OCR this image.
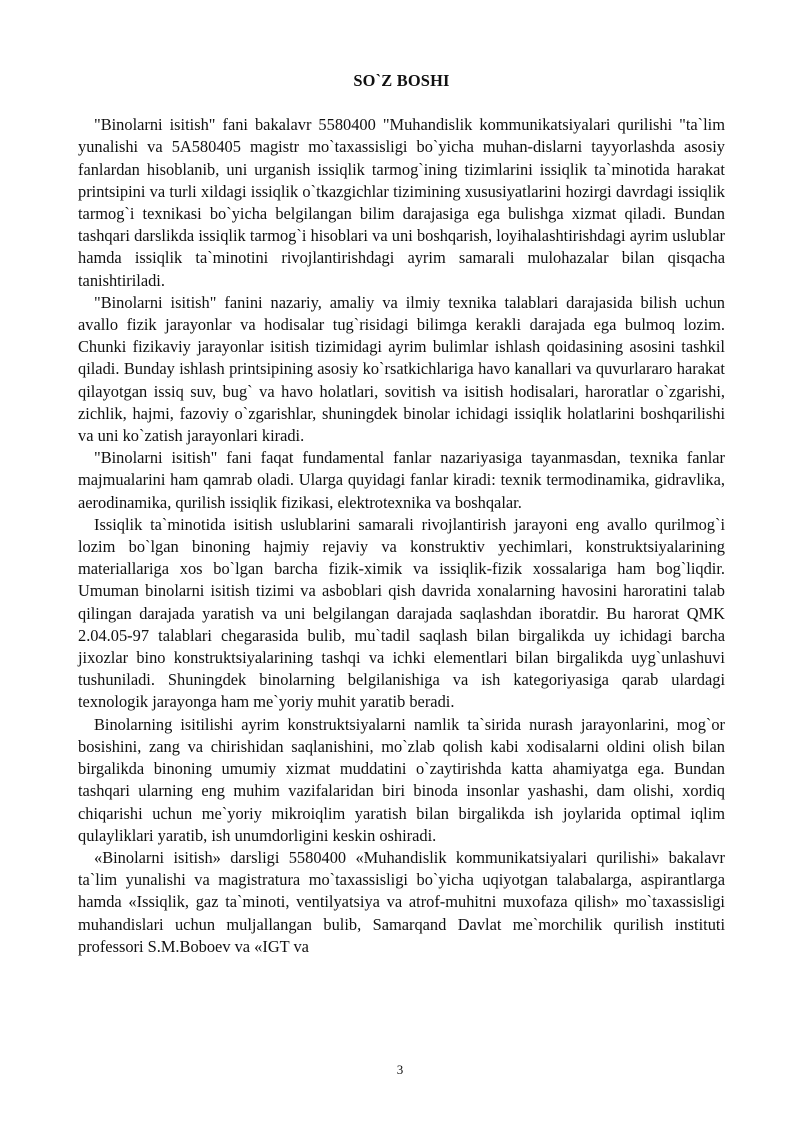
SO`Z BOSHI

"Binolarni isitish" fani bakalavr 5580400 "Muhandislik kommunikatsiyalari qurilishi "ta`lim yunalishi va 5A580405 magistr mo`taxassisligi bo`yicha muhan-dislarni tayyorlashda asosiy fanlardan hisoblanib, uni urganish issiqlik tarmog`ining tizimlarini issiqlik ta`minotida harakat printsipini va turli xildagi issiqlik o`tkazgichlar tizimining xususiyatlarini hozirgi davrdagi issiqlik tarmog`i texnikasi bo`yicha belgilangan bilim darajasiga ega bulishga xizmat qiladi. Bundan tashqari darslikda issiqlik tarmog`i hisoblari va uni boshqarish, loyihalashtirishdagi ayrim uslublar hamda issiqlik ta`minotini rivojlantirishdagi ayrim samarali mulohazalar bilan qisqacha tanishtiriladi.

"Binolarni isitish" fanini nazariy, amaliy va ilmiy texnika talablari darajasida bilish uchun avallo fizik jarayonlar va hodisalar tug`risidagi bilimga kerakli darajada ega bulmoq lozim. Chunki fizikaviy jarayonlar isitish tizimidagi ayrim bulimlar ishlash qoidasining asosini tashkil qiladi. Bunday ishlash printsipining asosiy ko`rsatkichlariga havo kanallari va quvurlararo harakat qilayotgan issiq suv, bug` va havo holatlari, sovitish va isitish hodisalari, haroratlar o`zgarishi, zichlik, hajmi, fazoviy o`zgarishlar, shuningdek binolar ichidagi issiqlik holatlarini boshqarilishi va uni ko`zatish jarayonlari kiradi.

"Binolarni isitish" fani faqat fundamental fanlar nazariyasiga tayanmasdan, texnika fanlar majmualarini ham qamrab oladi. Ularga quyidagi fanlar kiradi: texnik termodinamika, gidravlika, aerodinamika, qurilish issiqlik fizikasi, elektrotexnika va boshqalar.

Issiqlik ta`minotida isitish uslublarini samarali rivojlantirish jarayoni eng avallo qurilmog`i lozim bo`lgan binoning hajmiy rejaviy va konstruktiv yechimlari, konstruktsiyalarining materiallariga xos bo`lgan barcha fizik-ximik va issiqlik-fizik xossalariga ham bog`liqdir. Umuman binolarni isitish tizimi va asboblari qish davrida xonalarning havosini haroratini talab qilingan darajada yaratish va uni belgilangan darajada saqlashdan iboratdir. Bu harorat QMK 2.04.05-97 talablari chegarasida bulib, mu`tadil saqlash bilan birgalikda uy ichidagi barcha jixozlar bino konstruktsiyalarining tashqi va ichki elementlari bilan birgalikda uyg`unlashuvi tushuniladi. Shuningdek binolarning belgilanishiga va ish kategoriyasiga qarab ulardagi texnologik jarayonga ham me`yoriy muhit yaratib beradi.

Binolarning isitilishi ayrim konstruktsiyalarni namlik ta`sirida nurash jarayonlarini, mog`or bosishini, zang va chirishidan saqlanishini, mo`zlab qolish kabi xodisalarni oldini olish bilan birgalikda binoning umumiy xizmat muddatini o`zaytirishda katta ahamiyatga ega. Bundan tashqari ularning eng muhim vazifalaridan biri binoda insonlar yashashi, dam olishi, xordiq chiqarishi uchun me`yoriy mikroiqlim yaratish bilan birgalikda ish joylarida optimal iqlim qulayliklari yaratib, ish unumdorligini keskin oshiradi.

«Binolarni isitish» darsligi 5580400 «Muhandislik kommunikatsiyalari qurilishi» bakalavr ta`lim yunalishi va magistratura mo`taxassisligi bo`yicha uqiyotgan talabalarga, aspirantlarga hamda «Issiqlik, gaz ta`minoti, ventilyatsiya va atrof-muhitni muxofaza qilish» mo`taxassisligi muhandislari uchun muljallangan bulib, Samarqand Davlat me`morchilik qurilish instituti professori S.M.Boboev va «IGT va

3
